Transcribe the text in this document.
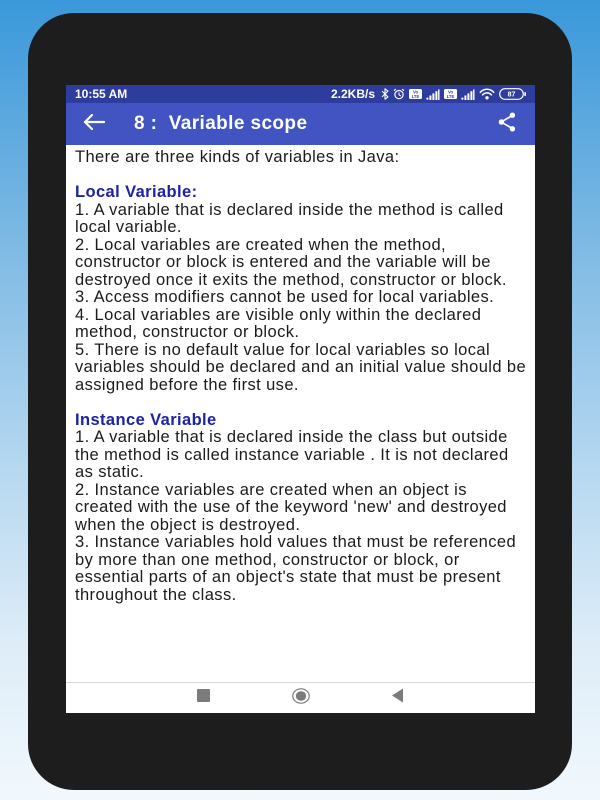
10:55 AM	2.2KB/s	Vo
LTE
Vo
LTE	87
8 :  Variable scope

There are three kinds of variables in Java:

Local Variable:

1. A variable that is declared inside the method is called local variable.

2. Local variables are created when the method, constructor or block is entered and the variable will be destroyed once it exits the method, constructor or block.

3. Access modifiers cannot be used for local variables.

4. Local variables are visible only within the declared method, constructor or block.

5. There is no default value for local variables so local variables should be declared and an initial value should be assigned before the first use.

Instance Variable

1. A variable that is declared inside the class but outside the method is called instance variable . It is not declared as static.

2. Instance variables are created when an object is created with the use of the keyword 'new' and destroyed when the object is destroyed.

3. Instance variables hold values that must be referenced by more than one method, constructor or block, or essential parts of an object's state that must be present throughout the class.
